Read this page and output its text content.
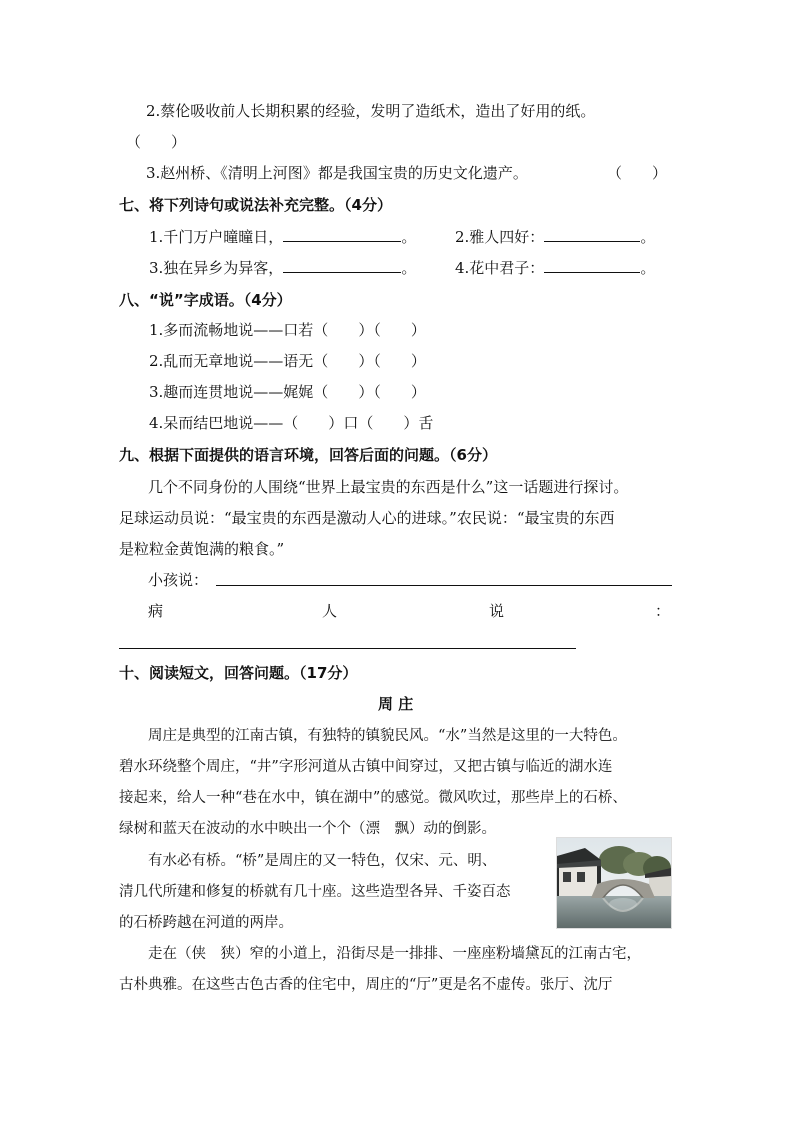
2.蔡伦吸收前人长期积累的经验，发明了造纸术，造出了好用的纸。
（　　）
3.赵州桥、《清明上河图》都是我国宝贵的历史文化遗产。	（　　）
七、将下列诗句或说法补充完整。（4分）
1.千门万户曈曈日，	。	2.雅人四好：	。
3.独在异乡为异客，	。	4.花中君子：	。
八、“说”字成语。（4分）
1.多而流畅地说——口若（　　）（　　）
2.乱而无章地说——语无（　　）（　　）
3.趣而连贯地说——娓娓（　　）（　　）
4.呆而结巴地说——（　　）口（　　）舌
九、根据下面提供的语言环境，回答后面的问题。（6分）
几个不同身份的人围绕“世界上最宝贵的东西是什么”这一话题进行探讨。
足球运动员说：“最宝贵的东西是激动人心的进球。”农民说：“最宝贵的东西
是粒粒金黄饱满的粮食。”
小孩说：
病	人	说	：
十、阅读短文，回答问题。（17分）
周 庄
周庄是典型的江南古镇，有独特的镇貌民风。“水”当然是这里的一大特色。
碧水环绕整个周庄，“井”字形河道从古镇中间穿过，又把古镇与临近的湖水连
接起来，给人一种“巷在水中，镇在湖中”的感觉。微风吹过，那些岸上的石桥、
绿树和蓝天在波动的水中映出一个个（漂　飘）动的倒影。
有水必有桥。“桥”是周庄的又一特色，仅宋、元、明、
清几代所建和修复的桥就有几十座。这些造型各异、千姿百态
的石桥跨越在河道的两岸。
走在（侠　狭）窄的小道上，沿街尽是一排排、一座座粉墙黛瓦的江南古宅，
古朴典雅。在这些古色古香的住宅中，周庄的“厅”更是名不虚传。张厅、沈厅
